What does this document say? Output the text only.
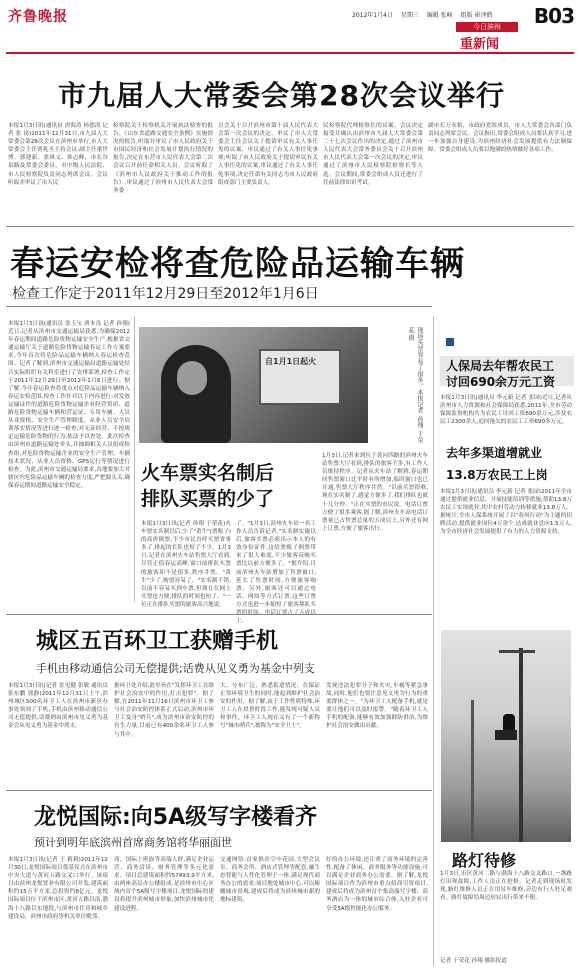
齐鲁晚报	2012年1月4日 星期三 编辑 张峰 组版 崔泽鹤	B03
今日滨州
重新闻
市九届人大常委会第28次会议举行
本报1月3日讯(通讯员 唐海涛 杨德涛 记者 张 岗)2011年12月31日,市九届人大常委会第28次会议在滨州市举行,市人大常委会主任贾兆丞主持会议,副主任董世博、郭建新、张琪义、韩志峰、市长谷泉路及常委会委员、市中级人民法院、市人民检察院负责同志列席会议。会议听取并审议了市人民
检察院关于检察机关开展执法检查的报告、《山东省道路交通安全条例》实施情况的报告,听取并审议了市人民政府关于市国民经济和社会发展计划执行情况的报告,决定在东营市人民代表大会第二次会议召开前任命相关人员。会议听取了《滨州市人民政府关于推动工作的报告》,审议通过了滨州市人民代表大会常务委
员会关于召开滨州市第十届人民代表大会第一次会议的决定、审议了市人大常委会主任会议关于提请审议有关人事任免的议案、审议通过了有关人事任免事项;听取了市人民政府关于提请审议有关人事任免的议案,审议通过了有关人事任免事项,决定任命有关同志为市人民政府组成部门主要负责人。
民检察院代理检察长的议案。会议决定接受并确认由滨州市九届人大常委会第二十七次会议作出的决定,通过了滨州市人民代表大会常务委员会关于召开滨州市人民代表大会第一次会议的决定,审议通过了滨州市人民检察院检察长等人选。会议期间,常委会组成人员还进行了任前法律知识考试。
副市长万永格、市政府党组成员、市人大常委会各部门负责同志列席会议。会议指出,常委会组成人员要认真学习,进一步加强自身建设,为滨州经济社会发展提供有力法制保障。常委会组成人员要以饱满的热情做好各项工作。
春运安检将查危险品运输车辆
检查工作定于2011年12月29日至2012年1月6日
本报1月3日讯(通讯员 张玉宝 唐本良 记者 孙翔)近日,记者从滨州市交通运输局获悉,为确保2012年春运期间道路危险货物运输安全生产,根据省交通运输厅关于道路危险货物运输春运工作方案要求,今年首次将危险品运输车辆纳入春运检查范围。记者了解到,滨州市交通运输局道路运输处结合实际组织有关科室进行了安排部署,检查工作定于2011年12月29日至2012年1月6日进行。据了解,今年春运检查将重点对危险品运输车辆纳入春运安检范围,检查工作针对以下内容进行:对发放运输证件的道路危险货物运输企业经营资质、道路危险货物运输车辆和营运证、专用车辆、人员从业资格、安全生产管理制度、从业人员安全培训落实情况等进行逐一检查,对无证经营、不按规定运输危险货物的行为,依法予以查处。此次检查由滨州市道路运输处牵头,并抽调相关人员组成检查组,对危险货物运输企业的安全生产管理、车辆技术状况、从业人员资格、GPS运行等情况进行检查。为此,滨州市交通运输局要求,各地要加大对辖区内危险品运输车辆的检查力度,严把源头关,确保春运期间道路运输安全稳定。
自1月1日起火	现场买票容易了很多。本报记者 孙翔 于荣花 摄
火车票实名制后
排队买票的少了
本报1月3日讯(记者 孙翔 于荣花)火车票实名制以后,少了"黄牛"(票贩子)的高价倒票,不少市民直呼买票省事多了,排起的长队也短了不少。1月3日,记者在滨州火车站售票大厅看到,尽管正值春运高峰,窗口前排队买票的旅客却不是很多,秩序井然。"黄牛"少了,购票容易了。"实名制不错,以前不容易买到车票,但现在在网上买票也方便,排队的时间也短了。"一位正在排队买票的旅客高兴地说。
了。"1月3日,滨州火车站一名工作人员告诉记者,"实名制实施以后,旅客买票必须出示本人的有效身份证件,这给票贩子倒票带来了很大难度,不少旅客反映买票比以前方便多了。"据介绍,目前滨州火车站增加了售票窗口,延长了售票时间,方便旅客购票。另外,旅客还可以通过电话、网络等方式订票,这些订票方式也进一步缩短了旅客排队买 上。
1月3日,记者来到位于黄河四路的滨州火车站售票大厅看到,排队的旅客不多,有工作人员维持秩序。记者从火车站了解到,春运期间售票窗口比平时有所增加,临时窗口也已开通,售票大厅秩序井然。"以前买票很难,现在实名制了,感觉方便多了,我们排队也就十几分钟。"正在买票的市民说。电话订票方便了很多乘客,据了解,滨州火车站电话订票量已占售票总量的五成以上,另外还有网上订票,方便了旅客出行。
人保局去年帮农民工
讨回690余万元工资
本报1月3日讯(通讯员 李元新 记者 张园)近日,记者从滨州市人力资源和社会保障局获悉,2011年,全市劳动保障监察机构共为农民工讨回工资690余万元,涉及农民工2300余人,追回拖欠的农民工工资690多万元。
去年多渠道增就业
13.8万农民工上岗
本报1月3日讯(通讯员 李元新 记者 张园)2011年全市通过提供就业信息、开展技能培训等措施,帮助13.8万农民工实现就业,其中农村劳动力转移就业13.8万人。据统计,全市人保系统开展了以"春风行动"为主题的招聘活动,提供就业岗位4万余个,达成就业意向1.5万人,为全市经济社会发展提供了有力的人力资源支持。
路灯待修
1月3日,市区黄河二路与渤海十八路交叉路口,一盏路灯出现故障,工作人员正在抢修。记者走到现场时发现,路灯维修人员正在用吊车维修,旁边有行人驻足观看。路灯故障给周边居民出行带来不便。
记者 于荣花 孙翔 摄影报道
城区五百环卫工获赠手机
手机由移动通信公司无偿提供;话费从见义勇为基金中列支
本报1月3日讯(记者 张见健 张敏 通讯员 张东鹏 郭静)2011年12月31日上午,滨州城区500名环卫工人在滨州市新区办事处领到了手机,手机由滨州移动通信公司无偿提供,话费则由滨州市见义勇为基金会从见义勇为基金中列支。
据环卫处介绍,此举旨在"发挥环卫工在维护社会治安中的作用,打击犯罪"。据了解,在2011年11月16日滨州市环卫工参与社会治安防控体系正式启动,滨州市环卫工变身"哨兵",成为滨州市治安防控的有生力量,目前已有400余名环卫工人参与其中。
大、分布广泛、熟悉街道情况、在保证正常环境卫生的同时,能起到维护社会治安的作用。据了解,由于工作性质特殊,环卫工人在晨昏时段工作,能发现可疑人员和事件。环卫工人现在又有了一个新称号"城市哨兵",被称为"安全卫士"。
发现违法犯罪分子和火灾,车祸等紧急事故,同时,他们也要注意见义勇为行为的重要群体之一。"为环卫工人配备手机,就是要让他们可以及时报警。"随着环卫工人手机的配备,能够有效加强群防群治,为维护社会治安做出贡献。
龙悦国际:向5A级写字楼看齐
预计到明年底滨州首席商务馆将华丽面世
本报1月3日讯(记者 王 莉莉)2011年12月30日,龙悦国际项目奠基仪式在滨州市中央大道与黄河五路交叉口举行。该项目由滨州龙悦置业有限公司开发,建筑面积约15万平方米,总投资约8亿元。龙悦国际项目位于滨州市区,黄河五路以南,渤海十八路以东地段,与滨州市住房和城乡建设局、滨州市政府等机关单位毗邻。
商、国际上班族等高端人群,满足企业运营、商务洽谈、财务管理等多元化需求。项目总建筑面积约57493.9平方米,由两座高层办公楼组成,是滨州市中心区域内首个5A级写字楼项目,龙悦国际的建设将提升滨州城市形象,加快滨州城市化建设进程。
交通网络:首家推出空中花园,大型会议室、商务会所、酒店式管理等配套,融生态智能与人性化管理于一体,满足现代商务办公的需求;项目地处城市中心,可以俯瞰城市景观,建成后将成为滨州城市新的地标建筑。
好的办公环境,还注重了商务环境的完善性,配备了休闲、商务服务等功能设施,可以满足企业商务办公需要。据了解,龙悦国际项目作为滨州市重点招商引资项目,建成后将成为滨州首个集高端写字楼、商务酒店为一体的城市综合体,入驻企业可享受5A级智能化办公服务。
